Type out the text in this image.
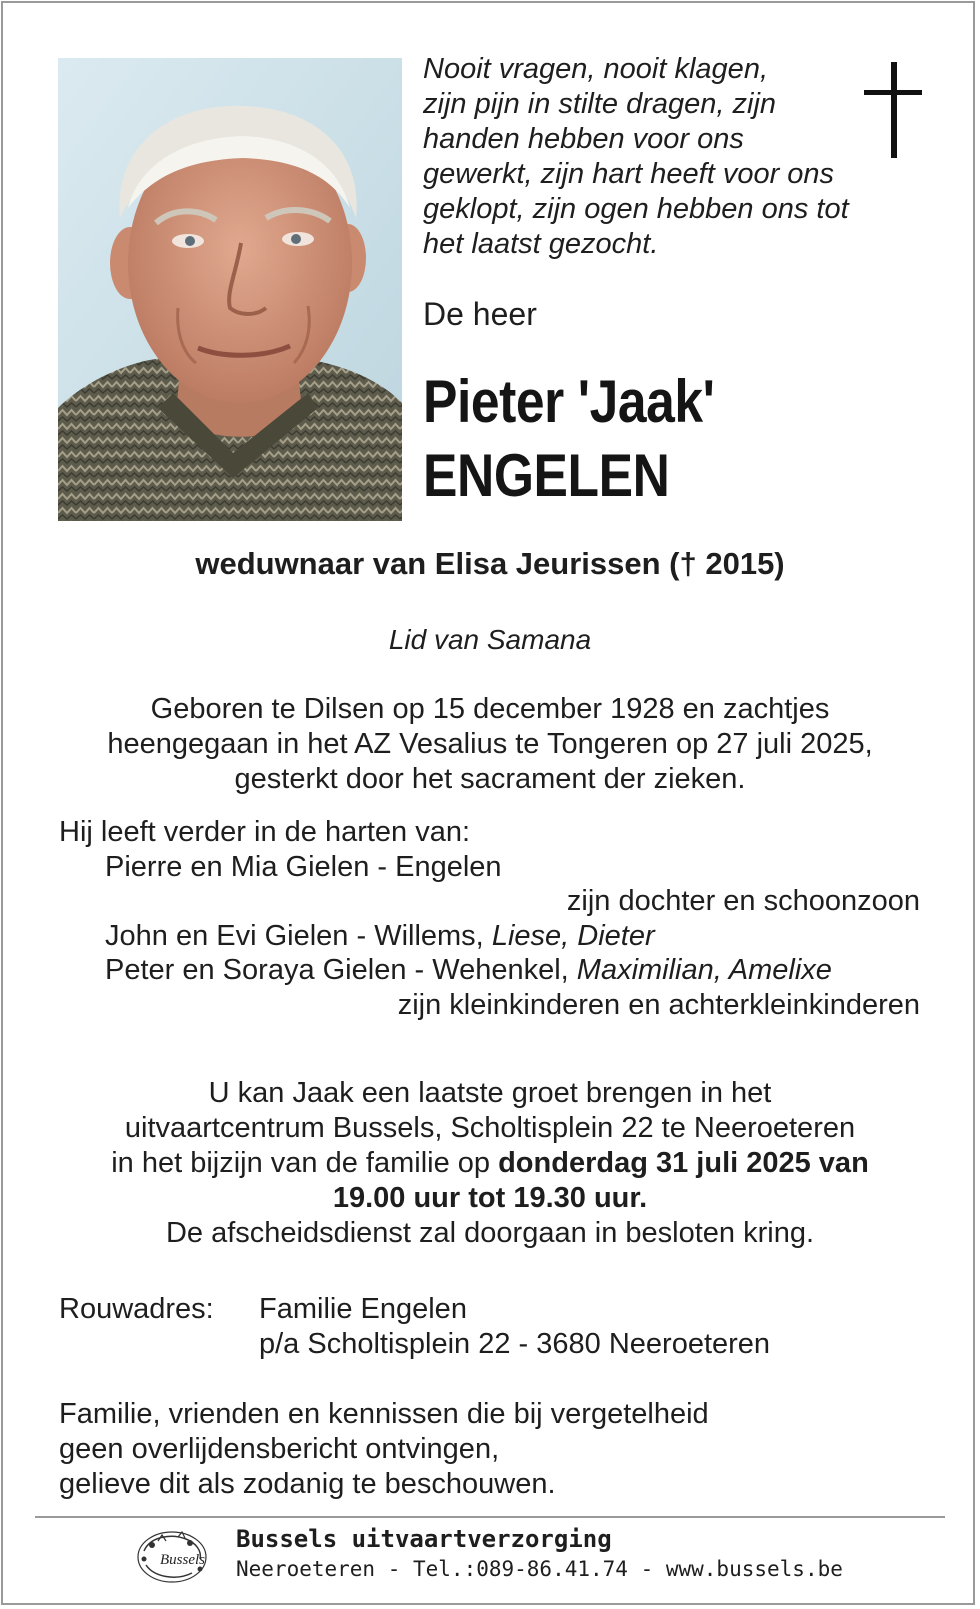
Nooit vragen, nooit klagen,
zijn pijn in stilte dragen, zijn
handen hebben voor ons
gewerkt, zijn hart heeft voor ons
geklopt, zijn ogen hebben ons tot
het laatst gezocht.
De heer
Pieter 'Jaak'
ENGELEN
weduwnaar van Elisa Jeurissen († 2015)
Lid van Samana
Geboren te Dilsen op 15 december 1928 en zachtjes
heengegaan in het AZ Vesalius te Tongeren op 27 juli 2025,
gesterkt door het sacrament der zieken.
Hij leeft verder in de harten van:
Pierre en Mia Gielen - Engelen
zijn dochter en schoonzoon
John en Evi Gielen - Willems, Liese, Dieter
Peter en Soraya Gielen - Wehenkel, Maximilian, Amelixe
zijn kleinkinderen en achterkleinkinderen
U kan Jaak een laatste groet brengen in het
uitvaartcentrum Bussels, Scholtisplein 22 te Neeroeteren
in het bijzijn van de familie op donderdag 31 juli 2025 van
19.00 uur tot 19.30 uur.
De afscheidsdienst zal doorgaan in besloten kring.
Rouwadres: Familie Engelen
p/a Scholtisplein 22 - 3680 Neeroeteren
Familie, vrienden en kennissen die bij vergetelheid
geen overlijdensbericht ontvingen,
gelieve dit als zodanig te beschouwen.
Bussels
Bussels uitvaartverzorging
Neeroeteren - Tel.:089-86.41.74 - www.bussels.be
